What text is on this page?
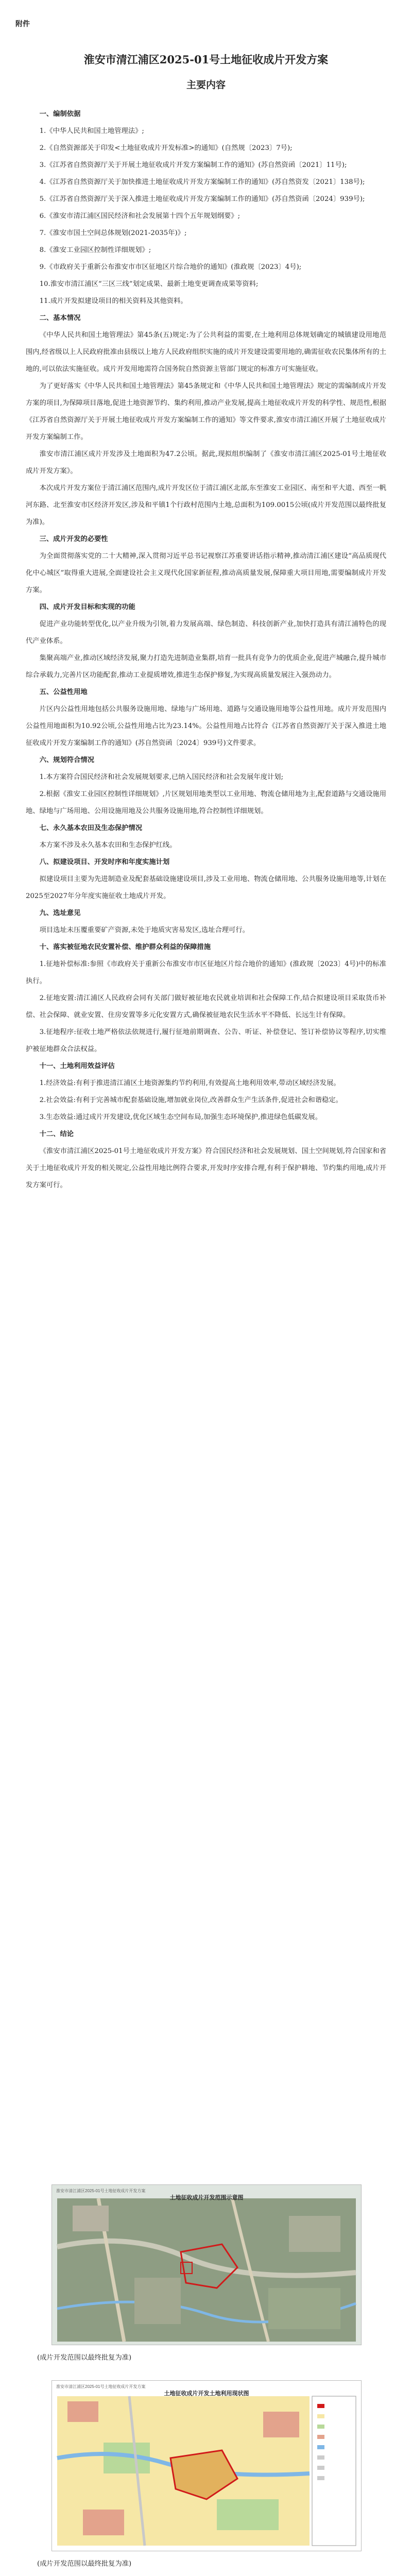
附件
淮安市清江浦区2025-01号土地征收成片开发方案
主要内容
一、编制依据

1.《中华人民共和国土地管理法》;

2.《自然资源部关于印发<土地征收成片开发标准>的通知》(自然规〔2023〕7号);

3.《江苏省自然资源厅关于开展土地征收成片开发方案编制工作的通知》(苏自然资函〔2021〕11号);

4.《江苏省自然资源厅关于加快推进土地征收成片开发方案编制工作的通知》(苏自然资发〔2021〕138号);

5.《江苏省自然资源厅关于深入推进土地征收成片开发方案编制工作的通知》(苏自然资函〔2024〕939号);

6.《淮安市清江浦区国民经济和社会发展第十四个五年规划纲要》;

7.《淮安市国土空间总体规划(2021-2035年)》;

8.《淮安工业园区控制性详细规划》;

9.《市政府关于重新公布淮安市市区征地区片综合地价的通知》(淮政规〔2023〕4号);

10.淮安市清江浦区“三区三线”划定成果、最新土地变更调查成果等资料;

11.成片开发拟建设项目的相关资料及其他资料。

二、基本情况

《中华人民共和国土地管理法》第45条(五)规定:为了公共利益的需要,在土地利用总体规划确定的城镇建设用地范围内,经省级以上人民政府批准由县级以上地方人民政府组织实施的成片开发建设需要用地的,确需征收农民集体所有的土地的,可以依法实施征收。成片开发用地需符合国务院自然资源主管部门规定的标准方可实施征收。

为了更好落实《中华人民共和国土地管理法》第45条规定和《中华人民共和国土地管理法》规定的需编制成片开发方案的项目,为保障项目落地,促进土地资源节约、集约利用,推动产业发展,提高土地征收成片开发的科学性、规范性,根据《江苏省自然资源厅关于开展土地征收成片开发方案编制工作的通知》等文件要求,淮安市清江浦区开展了土地征收成片开发方案编制工作。

淮安市清江浦区成片开发涉及土地面积为47.2公顷。据此,现拟组织编制了《淮安市清江浦区2025-01号土地征收成片开发方案》。

本次成片开发方案位于清江浦区范围内,成片开发区位于清江浦区北部,东至淮安工业园区、南至和平大道、西至一帆河东路、北至淮安市区经济开发区,涉及和平镇1个行政村范围内土地,总面积为109.0015公顷(成片开发范围以最终批复为准)。

三、成片开发的必要性

为全面贯彻落实党的二十大精神,深入贯彻习近平总书记视察江苏重要讲话指示精神,推动清江浦区建设“高品质现代化中心城区”取得重大进展,全面建设社会主义现代化国家新征程,推动高质量发展,保障重大项目用地,需要编制成片开发方案。

四、成片开发目标和实现的功能

促进产业功能转型优化,以产业升级为引领,着力发展高端、绿色制造、科技创新产业,加快打造具有清江浦特色的现代产业体系。

集聚高端产业,推动区域经济发展,聚力打造先进制造业集群,培育一批具有竞争力的优质企业,促进产城融合,提升城市综合承载力,完善片区功能配套,推动工业提质增效,推进生态保护修复,为实现高质量发展注入强劲动力。

五、公益性用地

片区内公益性用地包括公共服务设施用地、绿地与广场用地、道路与交通设施用地等公益性用地。成片开发范围内公益性用地面积为10.92公顷,公益性用地占比为23.14%。公益性用地占比符合《江苏省自然资源厅关于深入推进土地征收成片开发方案编制工作的通知》(苏自然资函〔2024〕939号)文件要求。

六、规划符合情况

1.本方案符合国民经济和社会发展规划要求,已纳入国民经济和社会发展年度计划;

2.根据《淮安工业园区控制性详细规划》,片区规划用地类型以工业用地、物流仓储用地为主,配套道路与交通设施用地、绿地与广场用地、公用设施用地及公共服务设施用地,符合控制性详细规划。

七、永久基本农田及生态保护情况

本方案不涉及永久基本农田和生态保护红线。

八、拟建设项目、开发时序和年度实施计划

拟建设项目主要为先进制造业及配套基础设施建设项目,涉及工业用地、物流仓储用地、公共服务设施用地等,计划在2025至2027年分年度实施征收土地成片开发。

九、选址意见

项目选址未压覆重要矿产资源,未处于地质灾害易发区,选址合理可行。

十、落实被征地农民安置补偿、维护群众利益的保障措施

1.征地补偿标准:参照《市政府关于重新公布淮安市市区征地区片综合地价的通知》(淮政规〔2023〕4号)中的标准执行。

2.征地安置:清江浦区人民政府会同有关部门做好被征地农民就业培训和社会保障工作,结合拟建设项目采取货币补偿、社会保障、就业安置、住房安置等多元化安置方式,确保被征地农民生活水平不降低、长远生计有保障。

3.征地程序:征收土地严格依法依规进行,履行征地前期调查、公告、听证、补偿登记、签订补偿协议等程序,切实维护被征地群众合法权益。

十一、土地利用效益评估

1.经济效益:有利于推进清江浦区土地资源集约节约利用,有效提高土地利用效率,带动区域经济发展。

2.社会效益:有利于完善城市配套基础设施,增加就业岗位,改善群众生产生活条件,促进社会和谐稳定。

3.生态效益:通过成片开发建设,优化区域生态空间布局,加强生态环境保护,推进绿色低碳发展。

十二、结论

《淮安市清江浦区2025-01号土地征收成片开发方案》符合国民经济和社会发展规划、国土空间规划,符合国家和省关于土地征收成片开发的相关规定,公益性用地比例符合要求,开发时序安排合理,有利于保护耕地、节约集约用地,成片开发方案可行。

淮安市清江浦区2025-01号土地征收成片开发方案
土地征收成片开发范围示意图
(成片开发范围以最终批复为准)
淮安市清江浦区2025-01号土地征收成片开发方案
土地征收成片开发土地利用现状图
(成片开发范围以最终批复为准)
